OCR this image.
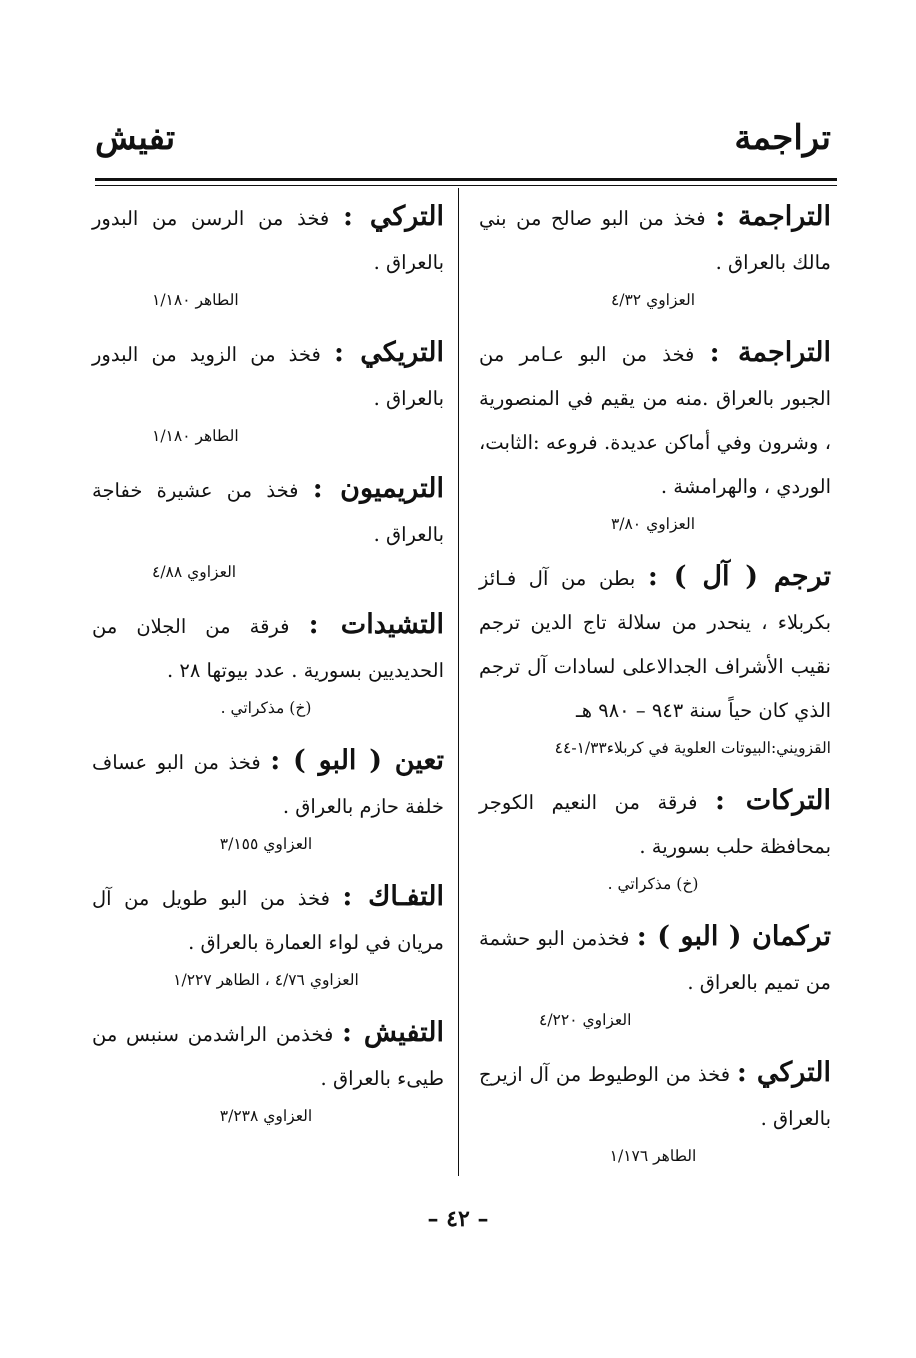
تراجمة
تفيش

التراجمة : فخذ من البو صالح من بني مالك بالعراق .

العزاوي ٤/٣٢

التراجمة : فخذ من البو عـامر من الجبور بالعراق .منه من يقيم في المنصورية ، وشرون وفي أماكن عديدة. فروعه :الثابت، الوردي ، والهرامشة .

العزاوي ٣/٨٠

ترجم ( آل ) : بطن من آل فـائز بكربلاء ، ينحدر من سلالة تاج الدين ترجم نقيب الأشراف الجدالاعلى لسادات آل ترجم الذي كان حياً سنة ٩٤٣ – ٩٨٠ هـ

القزويني:البيوتات العلوية في كربلاء١/٣٣-٤٤

التركات : فرقة من النعيم الكوجر بمحافظة حلب بسورية .

(خ) مذكراتي .

تركمان ( البو ) : فخذمن البو حشمة من تميم بالعراق .

العزاوي ٤/٢٢٠

التركي : فخذ من الوطيوط من آل ازيرج بالعراق .

الطاهر ١/١٧٦

التركي : فخذ من الرسن من البدور بالعراق .

الطاهر ١/١٨٠

التريكي : فخذ من الزويد من البدور بالعراق .

الطاهر ١/١٨٠

التريميون : فخذ من عشيرة خفاجة بالعراق .

العزاوي ٤/٨٨

التشيدات : فرقة من الجلان من الحديديين بسورية . عدد بيوتها ٢٨ .

(خ) مذكراتي .

تعين ( البو ) : فخذ من البو عساف خلفة حازم بالعراق .

العزاوي ٣/١٥٥

التفـاك : فخذ من البو طويل من آل مريان في لواء العمارة بالعراق .

العزاوي ٤/٧٦ ، الطاهر ١/٢٢٧

التفيش : فخذمن الراشدمن سنبس من طيىء بالعراق .

العزاوي ٣/٢٣٨

– ٤٢ –
